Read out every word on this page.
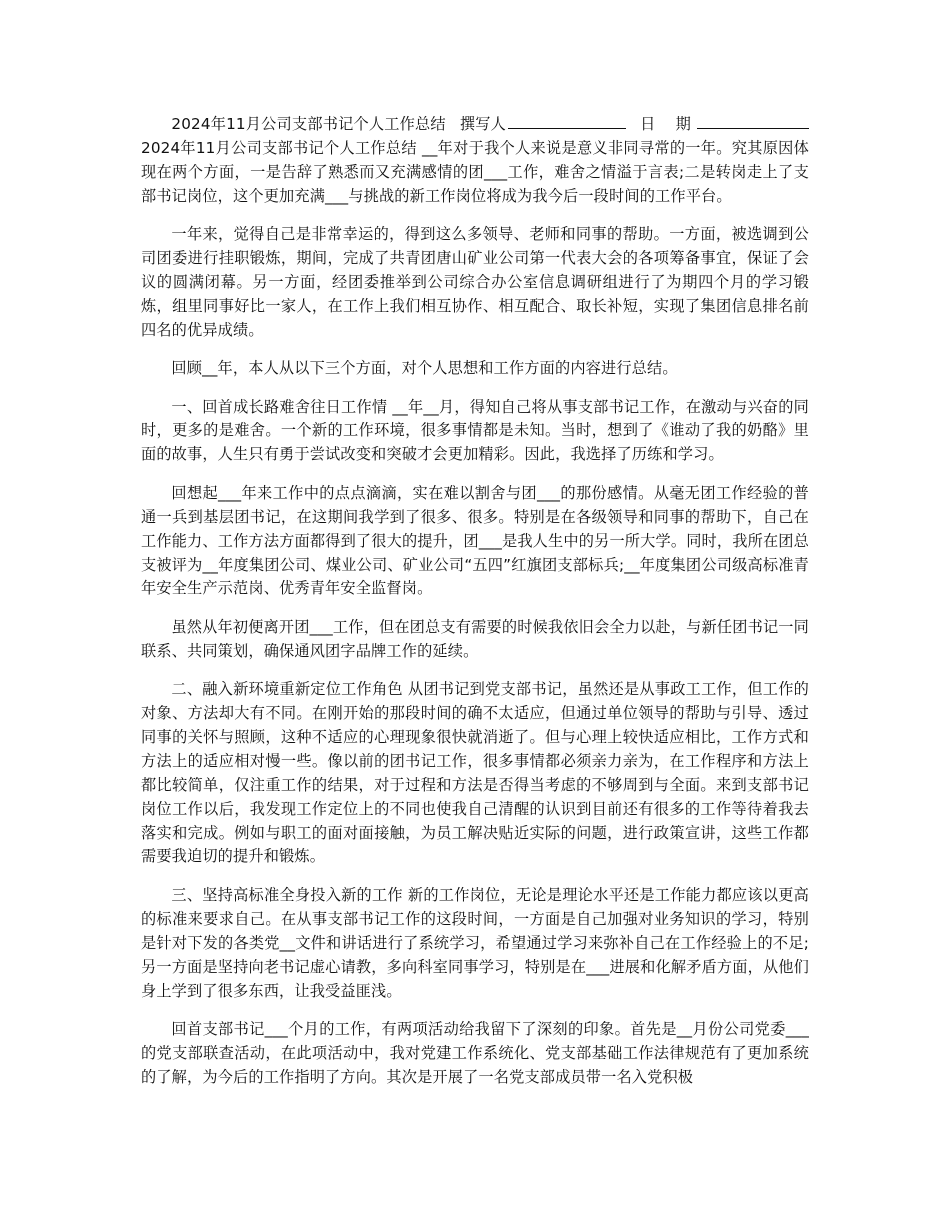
2024年11月公司支部书记个人工作总结 撰写人	日    期2024年11月公司支部书记个人工作总结 __年对于我个人来说是意义非同寻常的一年。究其原因体现在两个方面，一是告辞了熟悉而又充满感情的团___工作，难舍之情溢于言表;二是转岗走上了支部书记岗位，这个更加充满___与挑战的新工作岗位将成为我今后一段时间的工作平台。

一年来，觉得自己是非常幸运的，得到这么多领导、老师和同事的帮助。一方面，被选调到公司团委进行挂职锻炼，期间，完成了共青团唐山矿业公司第一代表大会的各项筹备事宜，保证了会议的圆满闭幕。另一方面，经团委推举到公司综合办公室信息调研组进行了为期四个月的学习锻炼，组里同事好比一家人，在工作上我们相互协作、相互配合、取长补短，实现了集团信息排名前四名的优异成绩。

回顾__年，本人从以下三个方面，对个人思想和工作方面的内容进行总结。

一、回首成长路难舍往日工作情 __年__月，得知自己将从事支部书记工作，在激动与兴奋的同时，更多的是难舍。一个新的工作环境，很多事情都是未知。当时，想到了《谁动了我的奶酪》里面的故事，人生只有勇于尝试改变和突破才会更加精彩。因此，我选择了历练和学习。

回想起___年来工作中的点点滴滴，实在难以割舍与团___的那份感情。从毫无团工作经验的普通一兵到基层团书记，在这期间我学到了很多、很多。特别是在各级领导和同事的帮助下，自己在工作能力、工作方法方面都得到了很大的提升，团___是我人生中的另一所大学。同时，我所在团总支被评为__年度集团公司、煤业公司、矿业公司“五四”红旗团支部标兵;__年度集团公司级高标准青年安全生产示范岗、优秀青年安全监督岗。

虽然从年初便离开团___工作，但在团总支有需要的时候我依旧会全力以赴，与新任团书记一同联系、共同策划，确保通风团字品牌工作的延续。

二、融入新环境重新定位工作角色 从团书记到党支部书记，虽然还是从事政工工作，但工作的对象、方法却大有不同。在刚开始的那段时间的确不太适应，但通过单位领导的帮助与引导、透过同事的关怀与照顾，这种不适应的心理现象很快就消逝了。但与心理上较快适应相比，工作方式和方法上的适应相对慢一些。像以前的团书记工作，很多事情都必须亲力亲为，在工作程序和方法上都比较简单，仅注重工作的结果，对于过程和方法是否得当考虑的不够周到与全面。来到支部书记岗位工作以后，我发现工作定位上的不同也使我自己清醒的认识到目前还有很多的工作等待着我去落实和完成。例如与职工的面对面接触，为员工解决贴近实际的问题，进行政策宣讲，这些工作都需要我迫切的提升和锻炼。

三、坚持高标准全身投入新的工作 新的工作岗位，无论是理论水平还是工作能力都应该以更高的标准来要求自己。在从事支部书记工作的这段时间，一方面是自己加强对业务知识的学习，特别是针对下发的各类党__文件和讲话进行了系统学习，希望通过学习来弥补自己在工作经验上的不足;另一方面是坚持向老书记虚心请教，多向科室同事学习，特别是在___进展和化解矛盾方面，从他们身上学到了很多东西，让我受益匪浅。

回首支部书记___个月的工作，有两项活动给我留下了深刻的印象。首先是__月份公司党委___的党支部联查活动，在此项活动中，我对党建工作系统化、党支部基础工作法律规范有了更加系统的了解，为今后的工作指明了方向。其次是开展了一名党支部成员带一名入党积极
